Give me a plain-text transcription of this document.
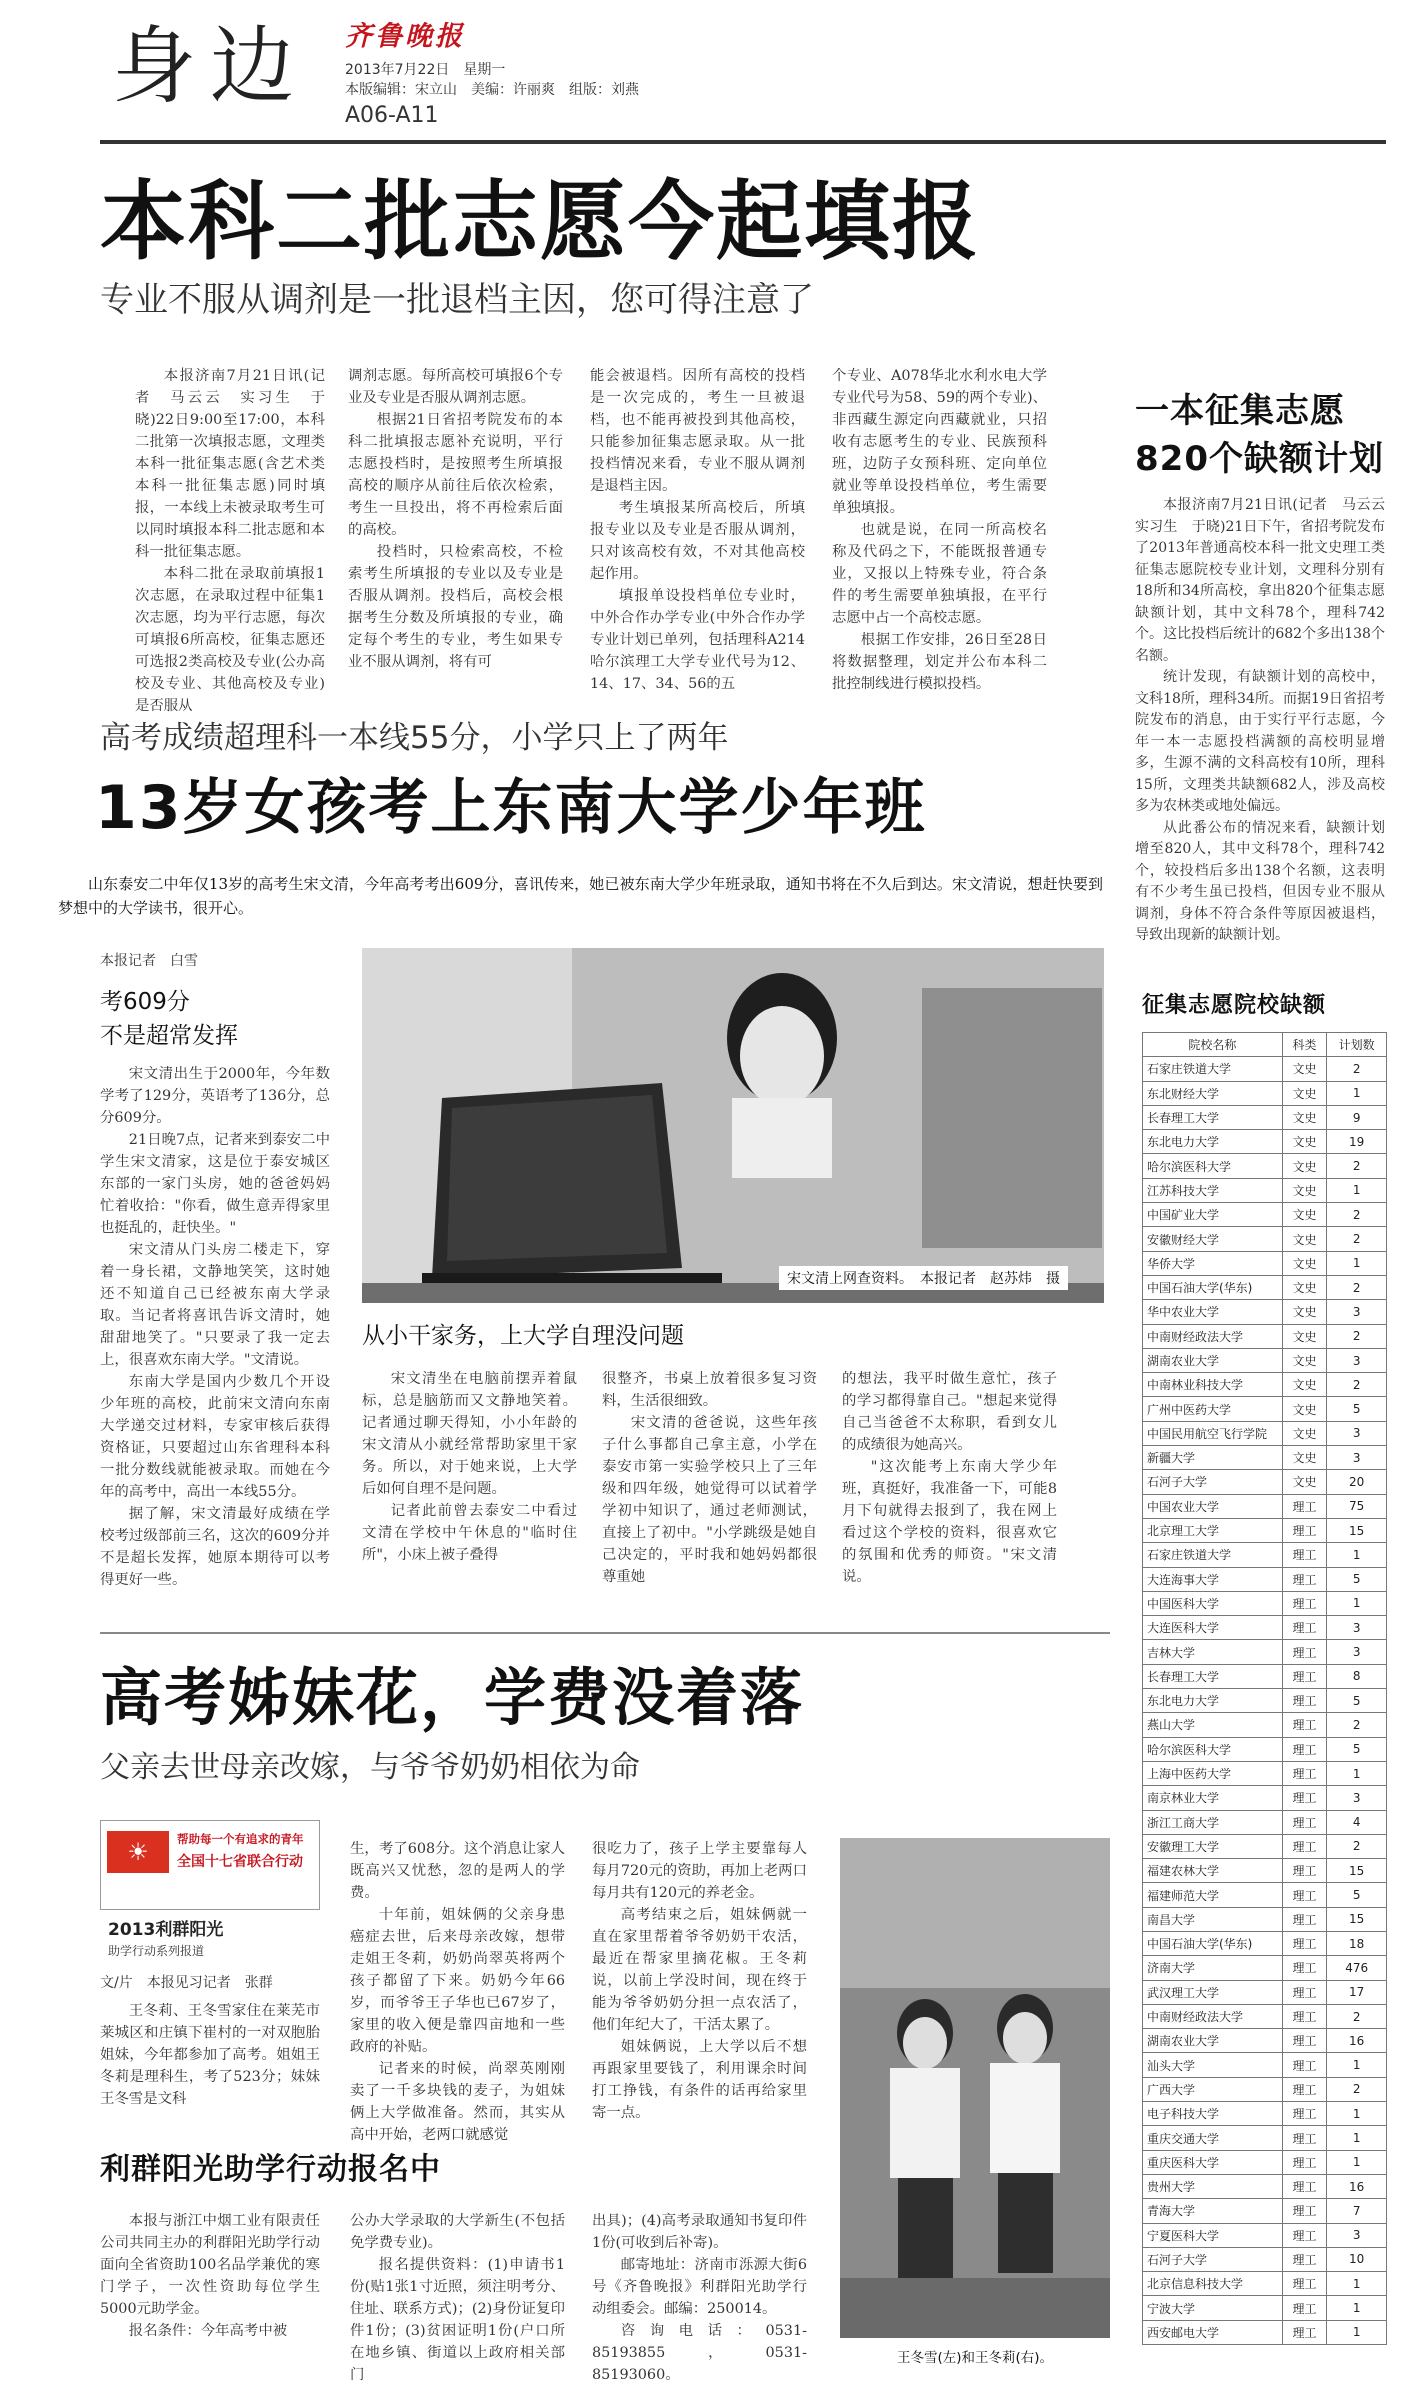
身边 齐鲁晚报
2013年7月22日　星期一
本版编辑：宋立山　美编：许丽爽　组版：刘燕
A06-A11
本科二批志愿今起填报
专业不服从调剂是一批退档主因，您可得注意了

本报济南7月21日讯(记者　马云云　实习生　于晓)22日9:00至17:00，本科二批第一次填报志愿，文理类本科一批征集志愿(含艺术类本科一批征集志愿)同时填报，一本线上未被录取考生可以同时填报本科二批志愿和本科一批征集志愿。

本科二批在录取前填报1次志愿，在录取过程中征集1次志愿，均为平行志愿，每次可填报6所高校，征集志愿还可选报2类高校及专业(公办高校及专业、其他高校及专业)是否服从

调剂志愿。每所高校可填报6个专业及专业是否服从调剂志愿。

根据21日省招考院发布的本科二批填报志愿补充说明，平行志愿投档时，是按照考生所填报高校的顺序从前往后依次检索，考生一旦投出，将不再检索后面的高校。

投档时，只检索高校，不检索考生所填报的专业以及专业是否服从调剂。投档后，高校会根据考生分数及所填报的专业，确定每个考生的专业，考生如果专业不服从调剂，将有可

能会被退档。因所有高校的投档是一次完成的，考生一旦被退档，也不能再被投到其他高校，只能参加征集志愿录取。从一批投档情况来看，专业不服从调剂是退档主因。

考生填报某所高校后，所填报专业以及专业是否服从调剂，只对该高校有效，不对其他高校起作用。

填报单设投档单位专业时，中外合作办学专业(中外合作办学专业计划已单列，包括理科A214哈尔滨理工大学专业代号为12、14、17、34、56的五

个专业、A078华北水利水电大学专业代号为58、59的两个专业)、非西藏生源定向西藏就业，只招收有志愿考生的专业、民族预科班，边防子女预科班、定向单位就业等单设投档单位，考生需要单独填报。

也就是说，在同一所高校名称及代码之下，不能既报普通专业，又报以上特殊专业，符合条件的考生需要单独填报，在平行志愿中占一个高校志愿。

根据工作安排，26日至28日将数据整理，划定并公布本科二批控制线进行模拟投档。

一本征集志愿
820个缺额计划

本报济南7月21日讯(记者　马云云　实习生　于晓)21日下午，省招考院发布了2013年普通高校本科一批文史理工类征集志愿院校专业计划，文理科分别有18所和34所高校，拿出820个征集志愿缺额计划，其中文科78个，理科742个。这比投档后统计的682个多出138个名额。

统计发现，有缺额计划的高校中，文科18所，理科34所。而据19日省招考院发布的消息，由于实行平行志愿，今年一本一志愿投档满额的高校明显增多，生源不满的文科高校有10所，理科15所，文理类共缺额682人，涉及高校多为农林类或地处偏远。

从此番公布的情况来看，缺额计划增至820人，其中文科78个，理科742个，较投档后多出138个名额，这表明有不少考生虽已投档，但因专业不服从调剂，身体不符合条件等原因被退档，导致出现新的缺额计划。

征集志愿院校缺额
院校名称	科类	计划数
石家庄铁道大学	文史	2
东北财经大学	文史	1
长春理工大学	文史	9
东北电力大学	文史	19
哈尔滨医科大学	文史	2
江苏科技大学	文史	1
中国矿业大学	文史	2
安徽财经大学	文史	2
华侨大学	文史	1
中国石油大学(华东)	文史	2
华中农业大学	文史	3
中南财经政法大学	文史	2
湖南农业大学	文史	3
中南林业科技大学	文史	2
广州中医药大学	文史	5
中国民用航空飞行学院	文史	3
新疆大学	文史	3
石河子大学	文史	20
中国农业大学	理工	75
北京理工大学	理工	15
石家庄铁道大学	理工	1
大连海事大学	理工	5
中国医科大学	理工	1
大连医科大学	理工	3
吉林大学	理工	3
长春理工大学	理工	8
东北电力大学	理工	5
燕山大学	理工	2
哈尔滨医科大学	理工	5
上海中医药大学	理工	1
南京林业大学	理工	3
浙江工商大学	理工	4
安徽理工大学	理工	2
福建农林大学	理工	15
福建师范大学	理工	5
南昌大学	理工	15
中国石油大学(华东)	理工	18
济南大学	理工	476
武汉理工大学	理工	17
中南财经政法大学	理工	2
湖南农业大学	理工	16
汕头大学	理工	1
广西大学	理工	2
电子科技大学	理工	1
重庆交通大学	理工	1
重庆医科大学	理工	1
贵州大学	理工	16
青海大学	理工	7
宁夏医科大学	理工	3
石河子大学	理工	10
北京信息科技大学	理工	1
宁波大学	理工	1
西安邮电大学	理工	1
高考成绩超理科一本线55分，小学只上了两年
13岁女孩考上东南大学少年班

山东泰安二中年仅13岁的高考生宋文清，今年高考考出609分，喜讯传来，她已被东南大学少年班录取，通知书将在不久后到达。宋文清说，想赶快要到梦想中的大学读书，很开心。

本报记者　白雪
考609分
不是超常发挥

宋文清出生于2000年，今年数学考了129分，英语考了136分，总分609分。

21日晚7点，记者来到泰安二中学生宋文清家，这是位于泰安城区东部的一家门头房，她的爸爸妈妈忙着收拾："你看，做生意弄得家里也挺乱的，赶快坐。"

宋文清从门头房二楼走下，穿着一身长裙，文静地笑笑，这时她还不知道自己已经被东南大学录取。当记者将喜讯告诉文清时，她甜甜地笑了。"只要录了我一定去上，很喜欢东南大学。"文清说。

东南大学是国内少数几个开设少年班的高校，此前宋文清向东南大学递交过材料，专家审核后获得资格证，只要超过山东省理科本科一批分数线就能被录取。而她在今年的高考中，高出一本线55分。

据了解，宋文清最好成绩在学校考过级部前三名，这次的609分并不是超长发挥，她原本期待可以考得更好一些。

宋文清上网查资料。　本报记者　赵苏炜　摄
从小干家务，上大学自理没问题

宋文清坐在电脑前摆弄着鼠标，总是脑筋而又文静地笑着。记者通过聊天得知，小小年龄的宋文清从小就经常帮助家里干家务。所以，对于她来说，上大学后如何自理不是问题。

记者此前曾去泰安二中看过文清在学校中午休息的"临时住所"，小床上被子叠得

很整齐，书桌上放着很多复习资料，生活很细致。

宋文清的爸爸说，这些年孩子什么事都自己拿主意，小学在泰安市第一实验学校只上了三年级和四年级，她觉得可以试着学学初中知识了，通过老师测试，直接上了初中。"小学跳级是她自己决定的，平时我和她妈妈都很尊重她

的想法，我平时做生意忙，孩子的学习都得靠自己。"想起来觉得自己当爸爸不太称职，看到女儿的成绩很为她高兴。

"这次能考上东南大学少年班，真挺好，我准备一下，可能8月下旬就得去报到了，我在网上看过这个学校的资料，很喜欢它的氛围和优秀的师资。"宋文清说。

高考姊妹花，学费没着落
父亲去世母亲改嫁，与爷爷奶奶相依为命
☀	帮助每一个有追求的青年
全国十七省联合行动
2013利群阳光
助学行动系列报道
文/片　本报见习记者　张群

王冬莉、王冬雪家住在莱芜市莱城区和庄镇下崔村的一对双胞胎姐妹，今年都参加了高考。姐姐王冬莉是理科生，考了523分；妹妹王冬雪是文科

生，考了608分。这个消息让家人既高兴又忧愁，忽的是两人的学费。

十年前，姐妹俩的父亲身患癌症去世，后来母亲改嫁，想带走姐王冬莉，奶奶尚翠英将两个孩子都留了下来。奶奶今年66岁，而爷爷王子华也已67岁了，家里的收入便是靠四亩地和一些政府的补贴。

记者来的时候，尚翠英刚刚卖了一千多块钱的麦子，为姐妹俩上大学做准备。然而，其实从高中开始，老两口就感觉

很吃力了，孩子上学主要靠每人每月720元的资助，再加上老两口每月共有120元的养老金。

高考结束之后，姐妹俩就一直在家里帮着爷爷奶奶干农活，最近在帮家里摘花椒。王冬莉说，以前上学没时间，现在终于能为爷爷奶奶分担一点农活了，他们年纪大了，干活太累了。

姐妹俩说，上大学以后不想再跟家里要钱了，利用课余时间打工挣钱，有条件的话再给家里寄一点。

王冬雪(左)和王冬莉(右)。
利群阳光助学行动报名中

本报与浙江中烟工业有限责任公司共同主办的利群阳光助学行动面向全省资助100名品学兼优的寒门学子，一次性资助每位学生5000元助学金。

报名条件：今年高考中被

公办大学录取的大学新生(不包括免学费专业)。

报名提供资料：(1)申请书1份(贴1张1寸近照，须注明考分、住址、联系方式)；(2)身份证复印件1份；(3)贫困证明1份(户口所在地乡镇、街道以上政府相关部门

出具)；(4)高考录取通知书复印件1份(可收到后补寄)。

邮寄地址：济南市泺源大街6号《齐鲁晚报》利群阳光助学行动组委会。邮编：250014。

咨询电话：0531-85193855，0531-85193060。
